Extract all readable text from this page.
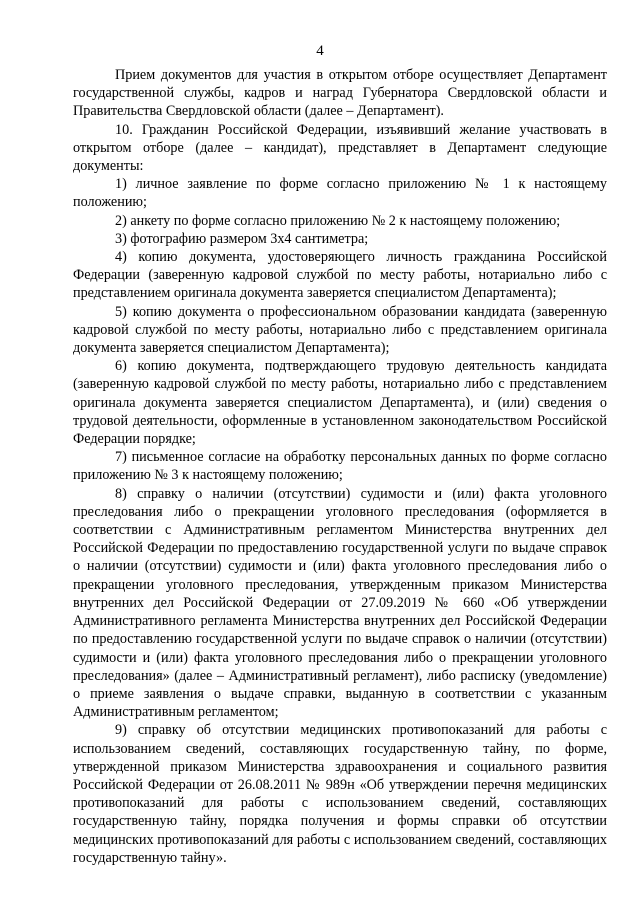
4

Прием документов для участия в открытом отборе осуществляет Департамент государственной службы, кадров и наград Губернатора Свердловской области и Правительства Свердловской области (далее – Департамент).

10. Гражданин Российской Федерации, изъявивший желание участвовать в открытом отборе (далее – кандидат), представляет в Департамент следующие документы:

1) личное заявление по форме согласно приложению № 1 к настоящему положению;

2) анкету по форме согласно приложению № 2 к настоящему положению;

3) фотографию размером 3x4 сантиметра;

4) копию документа, удостоверяющего личность гражданина Российской Федерации (заверенную кадровой службой по месту работы, нотариально либо с представлением оригинала документа заверяется специалистом Департамента);

5) копию документа о профессиональном образовании кандидата (заверенную кадровой службой по месту работы, нотариально либо с представлением оригинала документа заверяется специалистом Департамента);

6) копию документа, подтверждающего трудовую деятельность кандидата (заверенную кадровой службой по месту работы, нотариально либо с представлением оригинала документа заверяется специалистом Департамента), и (или) сведения о трудовой деятельности, оформленные в установленном законодательством Российской Федерации порядке;

7) письменное согласие на обработку персональных данных по форме согласно приложению № 3 к настоящему положению;

8) справку о наличии (отсутствии) судимости и (или) факта уголовного преследования либо о прекращении уголовного преследования (оформляется в соответствии с Административным регламентом Министерства внутренних дел Российской Федерации по предоставлению государственной услуги по выдаче справок о наличии (отсутствии) судимости и (или) факта уголовного преследования либо о прекращении уголовного преследования, утвержденным приказом Министерства внутренних дел Российской Федерации от 27.09.2019 № 660 «Об утверждении Административного регламента Министерства внутренних дел Российской Федерации по предоставлению государственной услуги по выдаче справок о наличии (отсутствии) судимости и (или) факта уголовного преследования либо о прекращении уголовного преследования» (далее – Административный регламент), либо расписку (уведомление) о приеме заявления о выдаче справки, выданную в соответствии с указанным Административным регламентом;

9) справку об отсутствии медицинских противопоказаний для работы с использованием сведений, составляющих государственную тайну, по форме, утвержденной приказом Министерства здравоохранения и социального развития Российской Федерации от 26.08.2011 № 989н «Об утверждении перечня медицинских противопоказаний для работы с использованием сведений, составляющих государственную тайну, порядка получения и формы справки об отсутствии медицинских противопоказаний для работы с использованием сведений, составляющих государственную тайну».
